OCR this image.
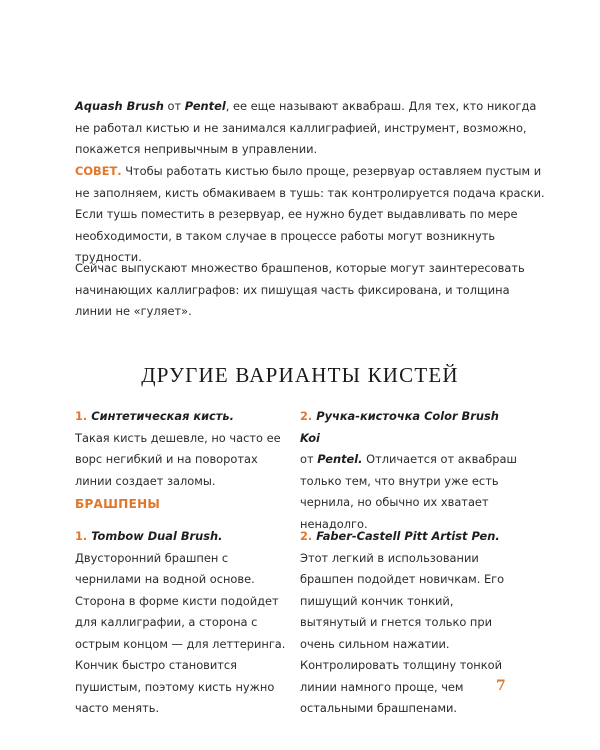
Aquash Brush от Pentel, ее еще называют аквабраш. Для тех, кто никогда не работал кистью и не занимался каллиграфией, инструмент, возможно, покажется непривычным в управлении.

СОВЕТ. Чтобы работать кистью было проще, резервуар оставляем пустым и не заполняем, кисть обмакиваем в тушь: так контролируется подача краски. Если тушь поместить в резервуар, ее нужно будет выдавливать по мере необходимости, в таком случае в процессе работы могут возникнуть трудности.

Сейчас выпускают множество брашпенов, которые могут заинтересовать начинающих каллиграфов: их пишущая часть фиксирована, и толщина линии не «гуляет».

ДРУГИЕ ВАРИАНТЫ КИСТЕЙ

1. Синтетическая кисть.
Такая кисть дешевле, но часто ее ворс негибкий и на поворотах линии создает заломы.

2. Ручка-кисточка Color Brush Koi
от Pentel. Отличается от аквабраш только тем, что внутри уже есть чернила, но обычно их хватает ненадолго.

БРАШПЕНЫ

1. Tombow Dual Brush. Двусторонний брашпен с чернилами на водной основе. Сторона в форме кисти подойдет для каллиграфии, а сторона с острым концом — для леттеринга. Кончик быстро становится пушистым, поэтому кисть нужно часто менять.

2. Faber-Castell Pitt Artist Pen.
Этот легкий в использовании брашпен подойдет новичкам. Его пишущий кончик тонкий, вытянутый и гнется только при очень сильном нажатии. Контролировать толщину тонкой линии намного проще, чем остальными брашпенами.

7
